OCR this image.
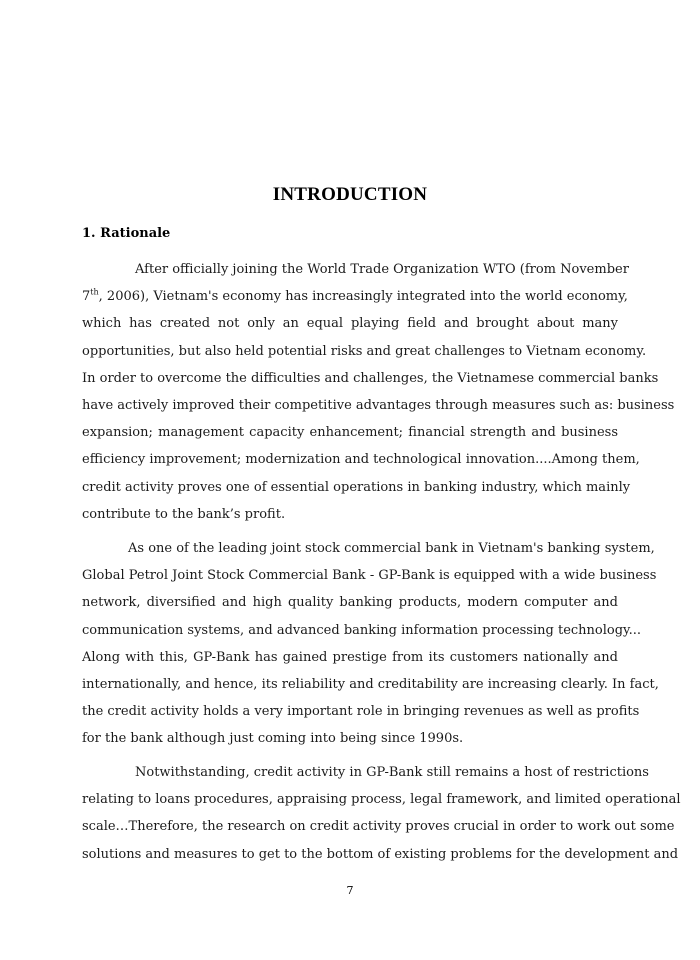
INTRODUCTION
1. Rationale
After officially joining the World Trade Organization WTO (from November
7th, 2006), Vietnam's economy has increasingly integrated into the world economy,
which has created not only an equal playing field and brought about many
opportunities, but also held potential risks and great challenges to Vietnam economy.
In order to overcome the difficulties and challenges, the Vietnamese commercial banks
have actively improved their competitive advantages through measures such as: business
expansion; management capacity enhancement; financial strength and business
efficiency improvement; modernization and technological innovation....Among them,
credit activity proves one of essential operations in banking industry, which mainly
contribute to the bank’s profit.
As one of the leading joint stock commercial bank in Vietnam's banking system,
Global Petrol Joint Stock Commercial Bank - GP-Bank is equipped with a wide business
network, diversified and high quality banking products, modern computer and
communication systems, and advanced banking information processing technology...
Along with this, GP-Bank has gained prestige from its customers nationally and
internationally, and hence, its reliability and creditability are increasing clearly. In fact,
the credit activity holds a very important role in bringing revenues as well as profits
for the bank although just coming into being since 1990s.
Notwithstanding, credit activity in GP-Bank still remains a host of restrictions
relating to loans procedures, appraising process, legal framework, and limited operational
scale…Therefore, the research on credit activity proves crucial in order to work out some
solutions and measures to get to the bottom of existing problems for the development and
7
